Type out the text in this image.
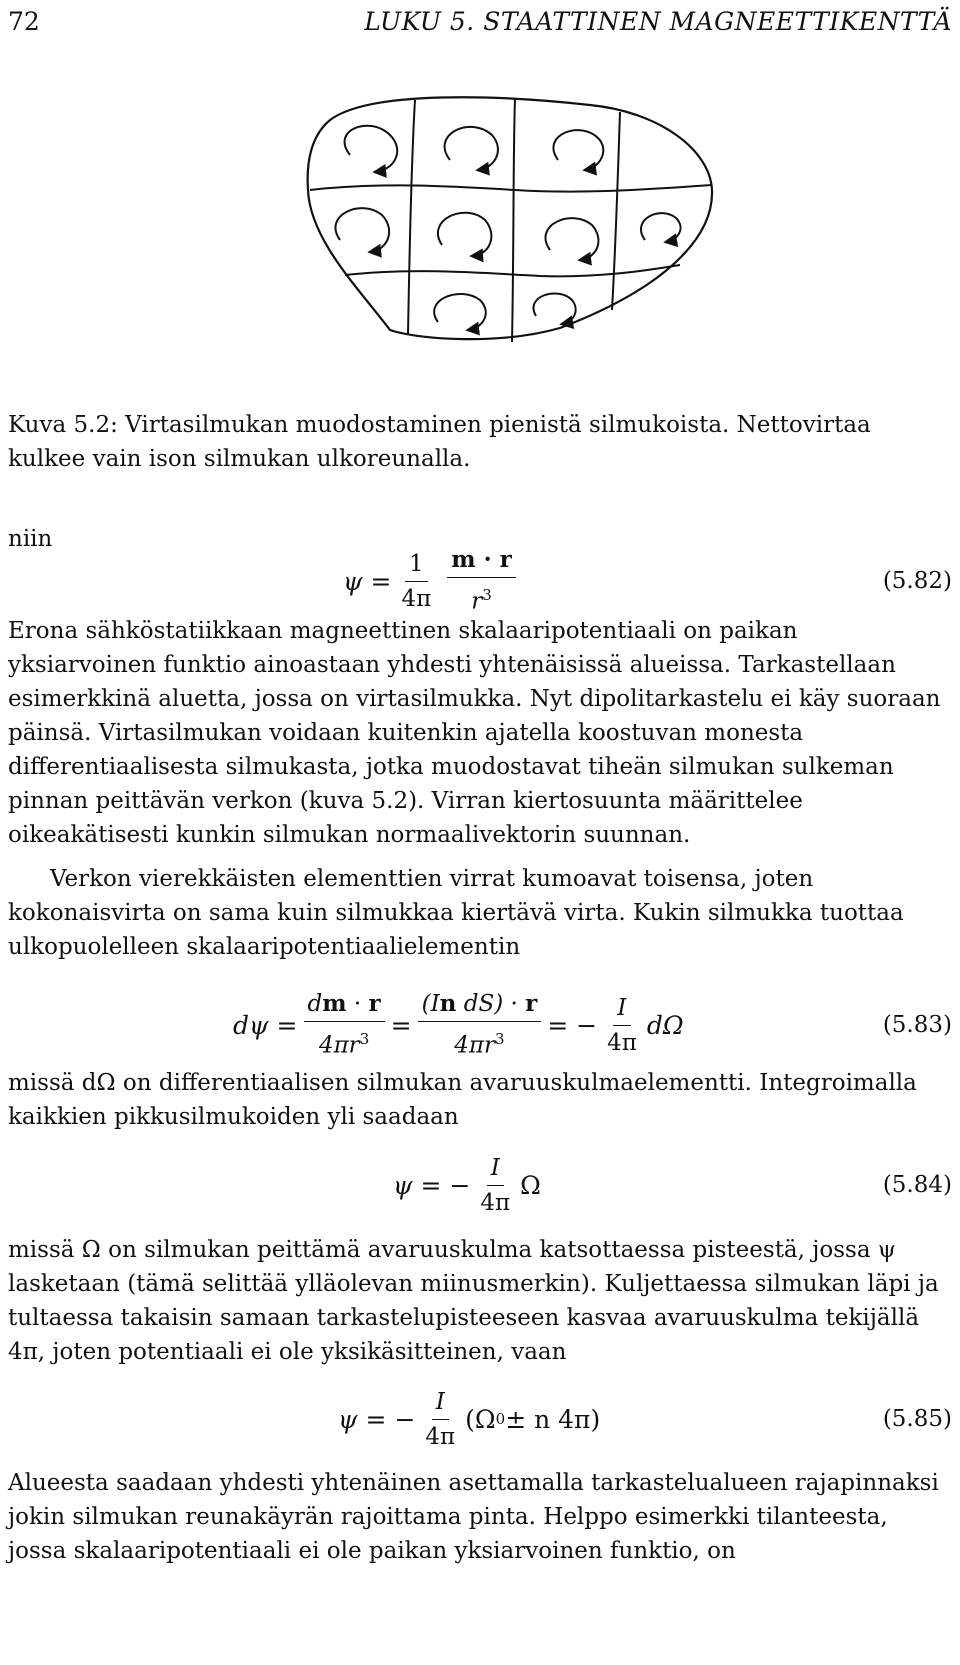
72	LUKU 5. STAATTINEN MAGNEETTIKENTTÄ

Kuva 5.2: Virtasilmukan muodostaminen pienistä silmukoista. Nettovirtaa kulkee vain ison silmukan ulkoreunalla.

niin

$\psi = \frac{1}{4\pi} \frac{m \cdot r}{r^3}$	(5.82)

Erona sähköstatiikkaan magneettinen skalaaripotentiaali on paikan yksiarvoinen funktio ainoastaan yhdesti yhtenäisissä alueissa. Tarkastellaan esimerkkinä aluetta, jossa on virtasilmukka. Nyt dipolitarkastelu ei käy suoraan päinsä. Virtasilmukan voidaan kuitenkin ajatella koostuvan monesta differentiaalisesta silmukasta, jotka muodostavat tiheän silmukan sulkeman pinnan peittävän verkon (kuva 5.2). Virran kiertosuunta määrittelee oikeakätisesti kunkin silmukan normaalivektorin suunnan.

Verkon vierekkäisten elementtien virrat kumoavat toisensa, joten kokonaisvirta on sama kuin silmukkaa kiertävä virta. Kukin silmukka tuottaa ulkopuolelleen skalaaripotentiaalielementin

$d\psi = \frac{dm \cdot r}{4\pi r^3} = \frac{\text{(In dS) · r}}{4\pi r^3}$ = − $\frac{I}{4\pi}$ dΩ	(5.83)

missä dΩ on differentiaalisen silmukan avaruuskulmaelementti. Integroimalla kaikkien pikkusilmukoiden yli saadaan

ψ = − $\frac{I}{4\pi}$ Ω	(5.84)

missä Ω on silmukan peittämä avaruuskulma katsottaessa pisteestä, jossa ψ lasketaan (tämä selittää ylläolevan miinusmerkin). Kuljettaessa silmukan läpi ja tultaessa takaisin samaan tarkastelupisteeseen kasvaa avaruuskulma tekijällä 4π, joten potentiaali ei ole yksikäsitteinen, vaan

ψ = − $\frac{I}{4\pi} (\Omega$ 0 ± n 4π)	(5.85)

Alueesta saadaan yhdesti yhtenäinen asettamalla tarkastelualueen rajapinnaksi jokin silmukan reunakäyrän rajoittama pinta. Helppo esimerkki tilanteesta, jossa skalaaripotentiaali ei ole paikan yksiarvoinen funktio, on
